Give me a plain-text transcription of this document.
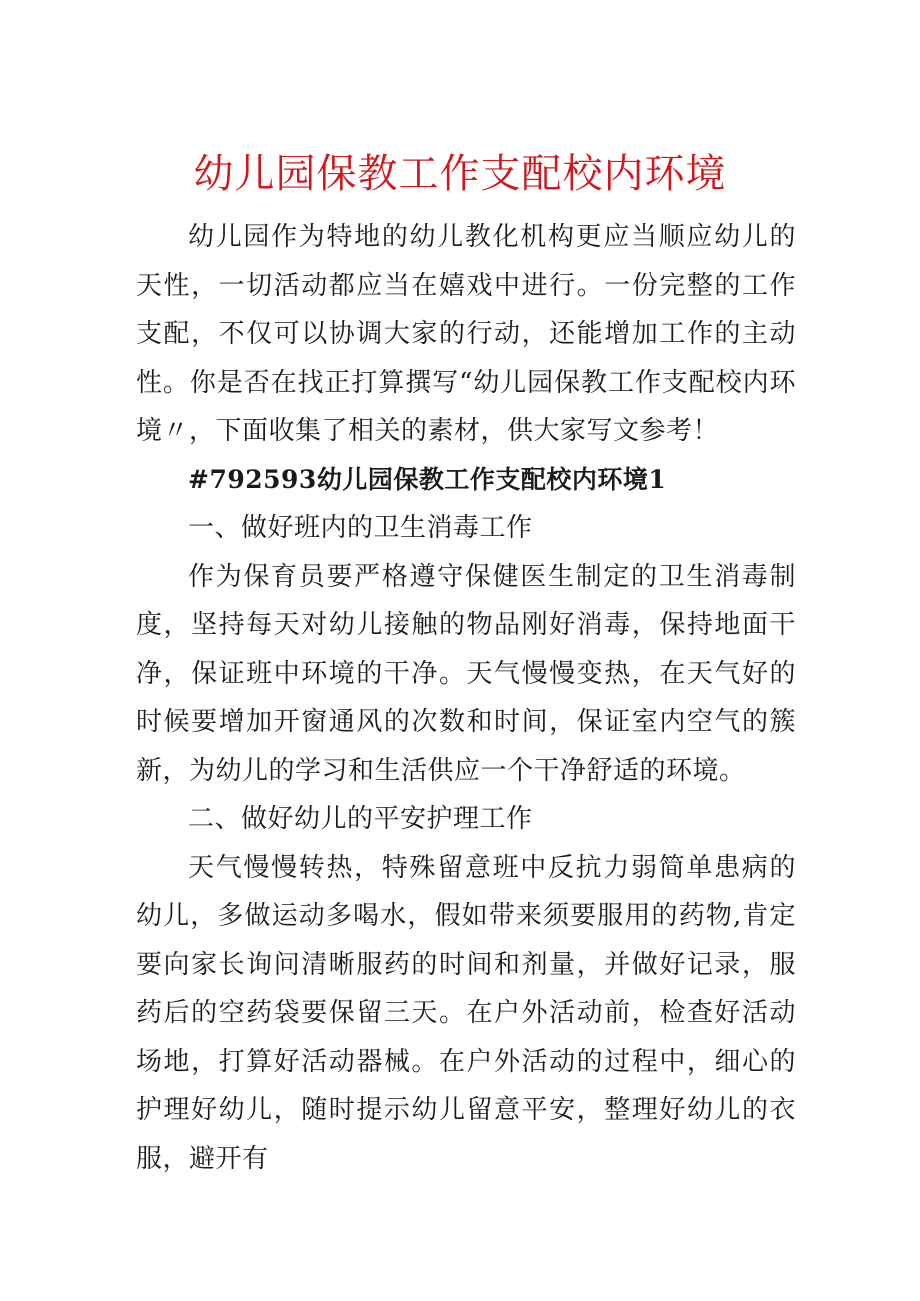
幼儿园保教工作支配校内环境

幼儿园作为特地的幼儿教化机构更应当顺应幼儿的天性，一切活动都应当在嬉戏中进行。一份完整的工作支配，不仅可以协调大家的行动，还能增加工作的主动性。你是否在找正打算撰写“幼儿园保教工作支配校内环境〃，下面收集了相关的素材，供大家写文参考！

#792593幼儿园保教工作支配校内环境1

一、做好班内的卫生消毒工作

作为保育员要严格遵守保健医生制定的卫生消毒制度，坚持每天对幼儿接触的物品刚好消毒，保持地面干净，保证班中环境的干净。天气慢慢变热，在天气好的时候要增加开窗通风的次数和时间，保证室内空气的簇新，为幼儿的学习和生活供应一个干净舒适的环境。

二、做好幼儿的平安护理工作

天气慢慢转热，特殊留意班中反抗力弱简单患病的幼儿，多做运动多喝水，假如带来须要服用的药物,肯定要向家长询问清晰服药的时间和剂量，并做好记录，服药后的空药袋要保留三天。在户外活动前，检查好活动场地，打算好活动器械。在户外活动的过程中，细心的护理好幼儿，随时提示幼儿留意平安，整理好幼儿的衣服，避开有
